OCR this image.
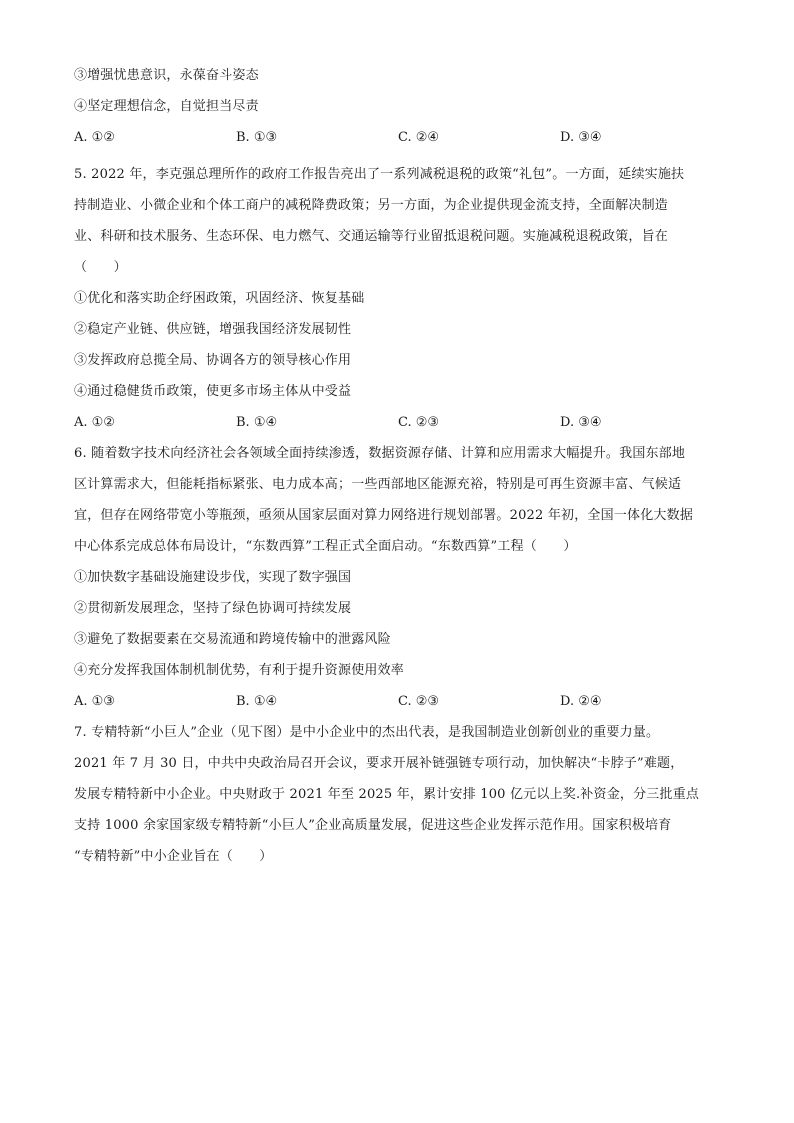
③增强忧患意识，永葆奋斗姿态
④坚定理想信念，自觉担当尽责
A. ①②	B. ①③	C. ②④	D. ③④
5. 2022 年，李克强总理所作的政府工作报告亮出了一系列减税退税的政策“礼包”。一方面，延续实施扶
持制造业、小微企业和个体工商户的减税降费政策；另一方面，为企业提供现金流支持，全面解决制造
业、科研和技术服务、生态环保、电力燃气、交通运输等行业留抵退税问题。实施减税退税政策，旨在
（　　）
①优化和落实助企纾困政策，巩固经济、恢复基础
②稳定产业链、供应链，增强我国经济发展韧性
③发挥政府总揽全局、协调各方的领导核心作用
④通过稳健货币政策，使更多市场主体从中受益
A. ①②	B. ①④	C. ②③	D. ③④
6. 随着数字技术向经济社会各领域全面持续渗透，数据资源存储、计算和应用需求大幅提升。我国东部地
区计算需求大，但能耗指标紧张、电力成本高；一些西部地区能源充裕，特别是可再生资源丰富、气候适
宜，但存在网络带宽小等瓶颈，亟须从国家层面对算力网络进行规划部署。2022 年初，全国一体化大数据
中心体系完成总体布局设计，“东数西算”工程正式全面启动。“东数西算”工程（　　）
①加快数字基础设施建设步伐，实现了数字强国
②贯彻新发展理念，坚持了绿色协调可持续发展
③避免了数据要素在交易流通和跨境传输中的泄露风险
④充分发挥我国体制机制优势，有利于提升资源使用效率
A. ①③	B. ①④	C. ②③	D. ②④
7. 专精特新“小巨人”企业（见下图）是中小企业中的杰出代表，是我国制造业创新创业的重要力量。
2021 年 7 月 30 日，中共中央政治局召开会议，要求开展补链强链专项行动，加快解决“卡脖子”难题，
发展专精特新中小企业。中央财政于 2021 年至 2025 年，累计安排 100 亿元以上奖.补资金，分三批重点
支持 1000 余家国家级专精特新“小巨人”企业高质量发展，促进这些企业发挥示范作用。国家积极培育
“专精特新”中小企业旨在（　　）
